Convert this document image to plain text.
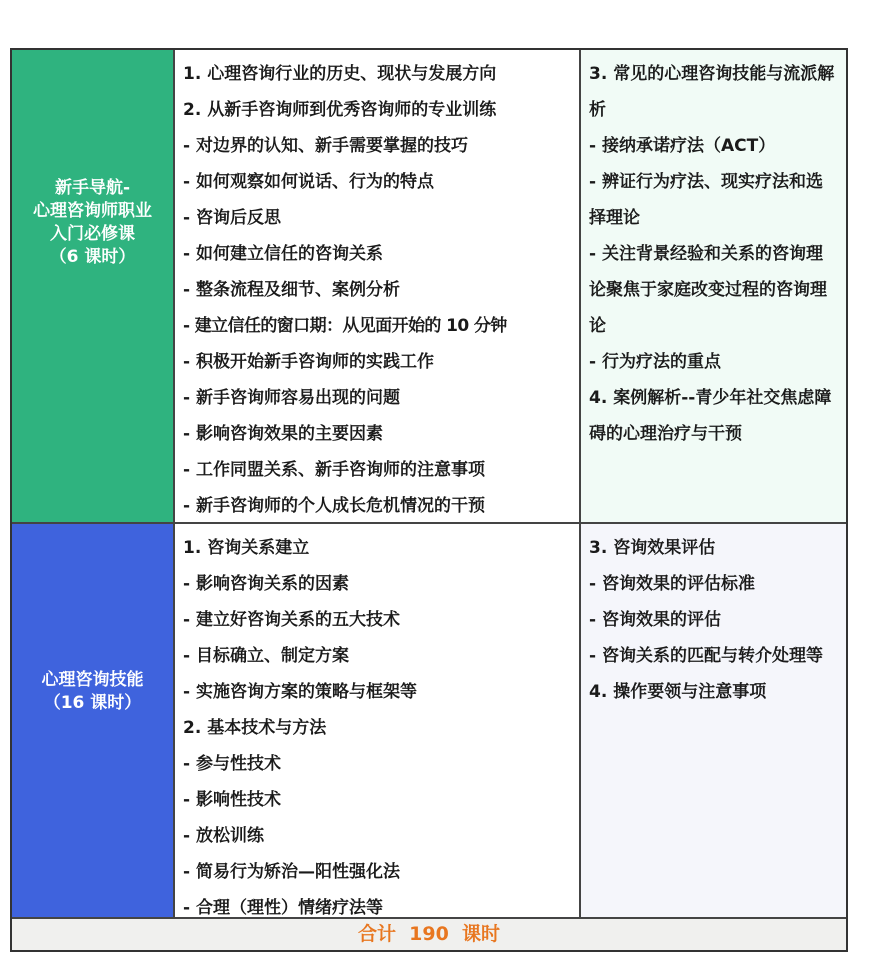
新手导航-
心理咨询师职业
入门必修课
（6 课时）
1. 心理咨询行业的历史、现状与发展方向
2. 从新手咨询师到优秀咨询师的专业训练
- 对边界的认知、新手需要掌握的技巧
- 如何观察如何说话、行为的特点
- 咨询后反思
- 如何建立信任的咨询关系
- 整条流程及细节、案例分析
- 建立信任的窗口期：从见面开始的 10 分钟
- 积极开始新手咨询师的实践工作
- 新手咨询师容易出现的问题
- 影响咨询效果的主要因素
- 工作同盟关系、新手咨询师的注意事项
- 新手咨询师的个人成长危机情况的干预
3. 常见的心理咨询技能与流派解析
- 接纳承诺疗法（ACT）
- 辨证行为疗法、现实疗法和选择理论
- 关注背景经验和关系的咨询理论聚焦于家庭改变过程的咨询理论
- 行为疗法的重点
4. 案例解析--青少年社交焦虑障碍的心理治疗与干预
心理咨询技能
（16 课时）
1. 咨询关系建立
- 影响咨询关系的因素
- 建立好咨询关系的五大技术
- 目标确立、制定方案
- 实施咨询方案的策略与框架等
2. 基本技术与方法
- 参与性技术
- 影响性技术
- 放松训练
- 简易行为矫治—阳性强化法
- 合理（理性）情绪疗法等
3. 咨询效果评估
- 咨询效果的评估标准
- 咨询效果的评估
- 咨询关系的匹配与转介处理等
4. 操作要领与注意事项
合计  190  课时
